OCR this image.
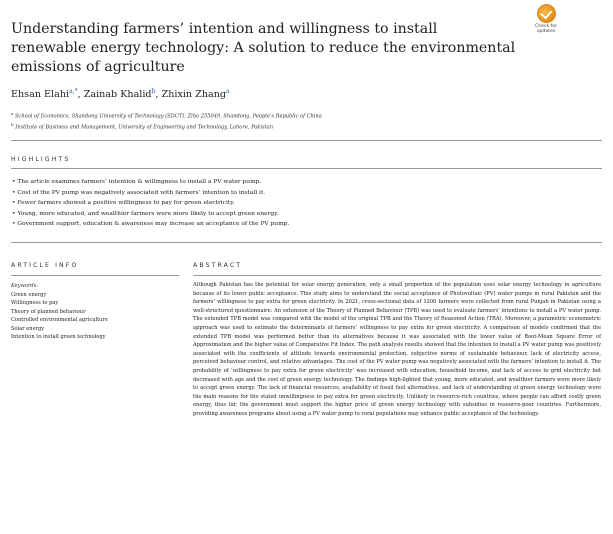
Understanding farmers’ intention and willingness to install renewable energy technology: A solution to reduce the environmental emissions of agriculture
Check for updates
Ehsan Elahi$^{a,*}$, Zainab Khalid$^b$, Zhixin Zhang$^a$
$^a$ School of Economics, Shandong University of Technology (SDUT), Zibo 255049, Shandong, People’s Republic of China
$^b$ Institute of Business and Management, University of Engineering and Technology, Lahore, Pakistan
HIGHLIGHTS
• The article examines farmers’ intention & willingness to install a PV water pump.
• Cost of the PV pump was negatively associated with farmers’ intention to install it.
• Fewer farmers showed a positive willingness to pay for green electricity.
• Young, more educated, and wealthier farmers were more likely to accept green energy.
• Government support, education & awareness may increase an acceptance of the PV pump.
ARTICLE INFO	ABSTRACT
Keywords:
Green energy
Willingness to pay
Theory of planned behaviour
Controlled environmental agriculture
Solar energy
Intention to install green technology

Although Pakistan has the potential for solar energy generation, only a small proportion of the population uses solar energy technology in agriculture because of its lower public acceptance. This study aims to understand the social acceptance of Photovoltaic (PV) water pumps in rural Pakistan and the farmers’ willingness to pay extra for green electricity. In 2021, cross-sectional data of 1200 farmers were collected from rural Punjab in Pakistan using a well-structured questionnaire. An extension of the Theory of Planned Behaviour (TPB) was used to evaluate farmers’ intentions to install a PV water pump. The extended TPB model was compared with the model of the original TPB and the Theory of Reasoned Action (TRA). Moreover, a parametric econometric approach was used to estimate the determinants of farmers’ willingness to pay extra for green electricity. A comparison of models confirmed that the extended TPB model was performed better than its alternatives because it was associated with the lower value of Root-Mean Square Error of Approximation and the higher value of Comparative Fit Index. The path analysis results showed that the intention to install a PV water pump was positively associated with the coefficients of attitude towards environmental protection, subjective norms of sustainable behaviour, lack of electricity access, perceived behaviour control, and relative advantages. The cost of the PV water pump was negatively associated with the farmers’ intention to install it. The probability of ‘willingness to pay extra for green electricity’ was increased with education, household income, and lack of access to grid electricity but decreased with age and the cost of green energy technology. The findings high-lighted that young, more educated, and wealthier farmers were more likely to accept green energy. The lack of financial resources, availability of fossil fuel alternatives, and lack of understanding of green energy technology were the main reasons for the stated unwillingness to pay extra for green electricity. Unlikely in resource-rich countries, where people can afford costly green energy, thus far, the government must support the higher price of green energy technology with subsidies in resource-poor countries. Furthermore, providing awareness programs about using a PV water pump to rural populations may enhance public acceptance of the technology.
